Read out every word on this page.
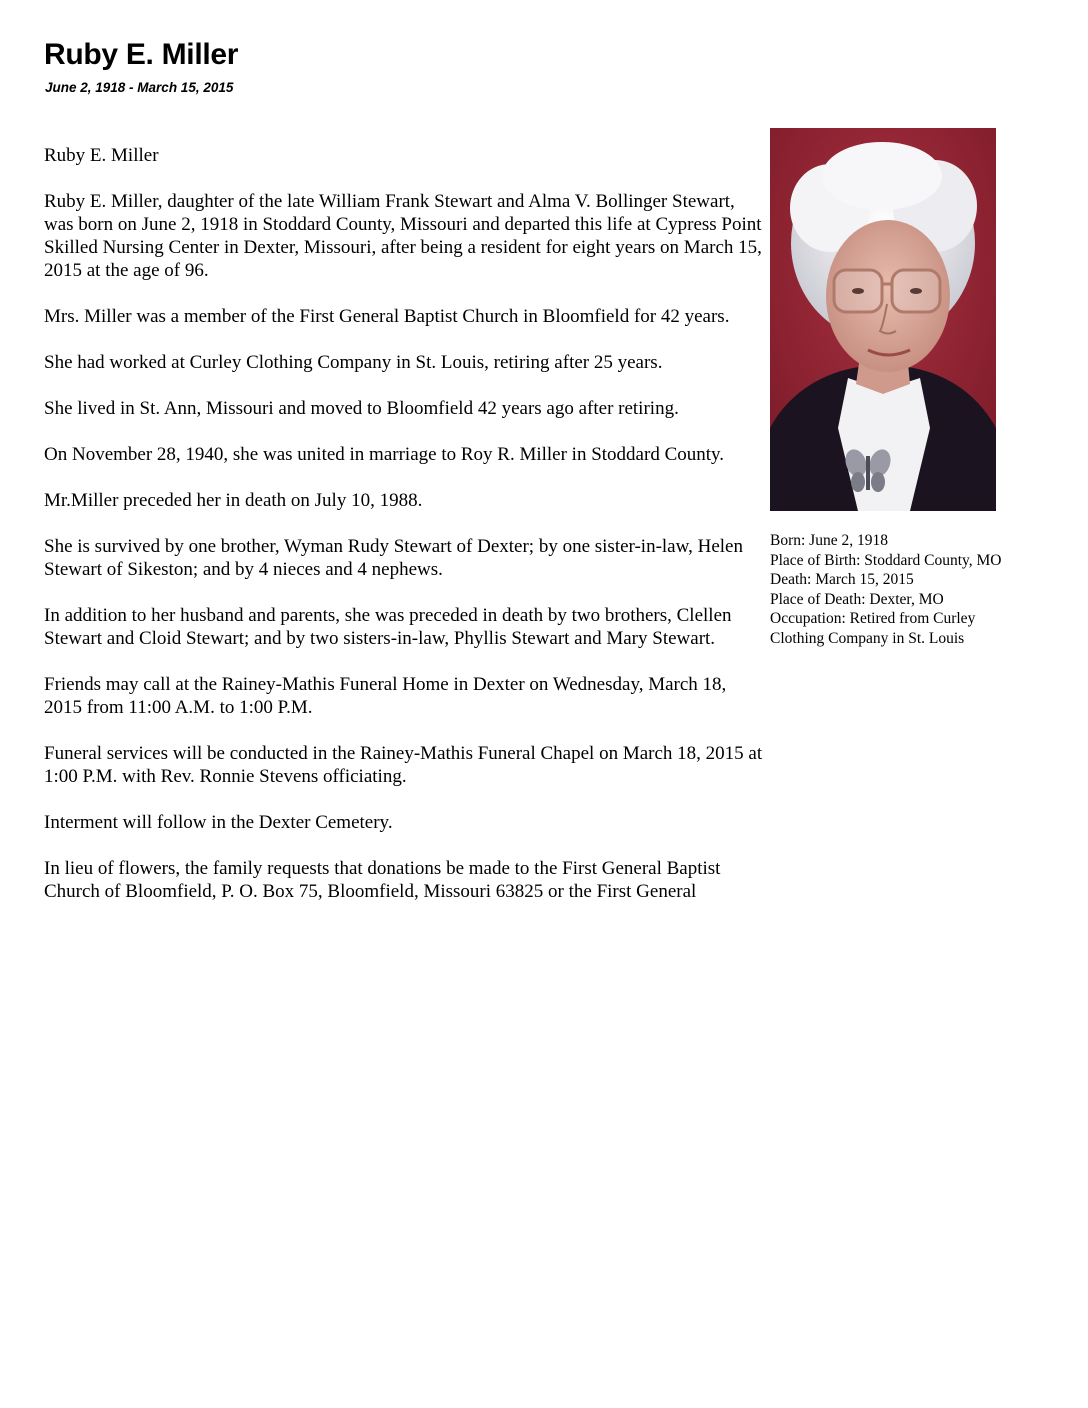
Ruby E. Miller
June 2, 1918 - March 15, 2015

Ruby E. Miller

Ruby E. Miller, daughter of the late William Frank Stewart and Alma V. Bollinger Stewart, was born on June 2, 1918 in Stoddard County, Missouri and departed this life at Cypress Point Skilled Nursing Center in Dexter, Missouri, after being a resident for eight years on March 15, 2015 at the age of 96.

Mrs. Miller was a member of the First General Baptist Church in Bloomfield for 42 years.

She had worked at Curley Clothing Company in St. Louis, retiring after 25 years.

She lived in St. Ann, Missouri and moved to Bloomfield 42 years ago after retiring.

On November 28, 1940, she was united in marriage to Roy R. Miller in Stoddard County.

Mr.Miller preceded her in death on July 10, 1988.

She is survived by one brother, Wyman Rudy Stewart of Dexter; by one sister-in-law, Helen Stewart of Sikeston; and by 4 nieces and 4 nephews.

In addition to her husband and parents, she was preceded in death by two brothers, Clellen Stewart and Cloid Stewart; and by two sisters-in-law, Phyllis Stewart and Mary Stewart.

Friends may call at the Rainey-Mathis Funeral Home in Dexter on Wednesday, March 18, 2015 from 11:00 A.M. to 1:00 P.M.

Funeral services will be conducted in the Rainey-Mathis Funeral Chapel on March 18, 2015 at 1:00 P.M. with Rev. Ronnie Stevens officiating.

Interment will follow in the Dexter Cemetery.

In lieu of flowers, the family requests that donations be made to the First General Baptist Church of Bloomfield, P. O. Box 75, Bloomfield, Missouri 63825 or the First General

Born: June 2, 1918
Place of Birth: Stoddard County, MO
Death: March 15, 2015
Place of Death: Dexter, MO
Occupation: Retired from Curley Clothing Company in St. Louis
